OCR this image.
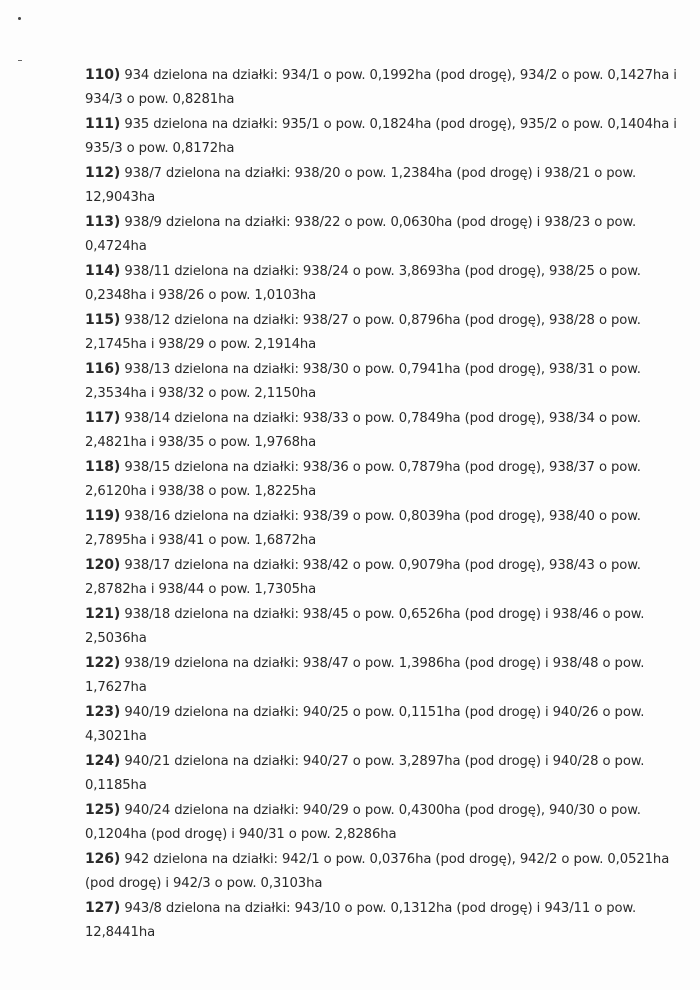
110) 934 dzielona na działki: 934/1 o pow. 0,1992ha (pod drogę), 934/2 o pow. 0,1427ha i
934/3 o pow. 0,8281ha
111) 935 dzielona na działki: 935/1 o pow. 0,1824ha (pod drogę), 935/2 o pow. 0,1404ha i
935/3 o pow. 0,8172ha
112) 938/7 dzielona na działki: 938/20 o pow. 1,2384ha (pod drogę) i 938/21 o pow.
12,9043ha
113) 938/9 dzielona na działki: 938/22 o pow. 0,0630ha (pod drogę) i 938/23 o pow.
0,4724ha
114) 938/11 dzielona na działki: 938/24 o pow. 3,8693ha (pod drogę), 938/25 o pow.
0,2348ha i 938/26 o pow. 1,0103ha
115) 938/12 dzielona na działki: 938/27 o pow. 0,8796ha (pod drogę), 938/28 o pow.
2,1745ha i 938/29 o pow. 2,1914ha
116) 938/13 dzielona na działki: 938/30 o pow. 0,7941ha (pod drogę), 938/31 o pow.
2,3534ha i 938/32 o pow. 2,1150ha
117) 938/14 dzielona na działki: 938/33 o pow. 0,7849ha (pod drogę), 938/34 o pow.
2,4821ha i 938/35 o pow. 1,9768ha
118) 938/15 dzielona na działki: 938/36 o pow. 0,7879ha (pod drogę), 938/37 o pow.
2,6120ha i 938/38 o pow. 1,8225ha
119) 938/16 dzielona na działki: 938/39 o pow. 0,8039ha (pod drogę), 938/40 o pow.
2,7895ha i 938/41 o pow. 1,6872ha
120) 938/17 dzielona na działki: 938/42 o pow. 0,9079ha (pod drogę), 938/43 o pow.
2,8782ha i 938/44 o pow. 1,7305ha
121) 938/18 dzielona na działki: 938/45 o pow. 0,6526ha (pod drogę) i 938/46 o pow.
2,5036ha
122) 938/19 dzielona na działki: 938/47 o pow. 1,3986ha (pod drogę) i 938/48 o pow.
1,7627ha
123) 940/19 dzielona na działki: 940/25 o pow. 0,1151ha (pod drogę) i 940/26 o pow.
4,3021ha
124) 940/21 dzielona na działki: 940/27 o pow. 3,2897ha (pod drogę) i 940/28 o pow.
0,1185ha
125) 940/24 dzielona na działki: 940/29 o pow. 0,4300ha (pod drogę), 940/30 o pow.
0,1204ha (pod drogę) i 940/31 o pow. 2,8286ha
126) 942 dzielona na działki: 942/1 o pow. 0,0376ha (pod drogę), 942/2 o pow. 0,0521ha
(pod drogę) i 942/3 o pow. 0,3103ha
127) 943/8 dzielona na działki: 943/10 o pow. 0,1312ha (pod drogę) i 943/11 o pow.
12,8441ha
